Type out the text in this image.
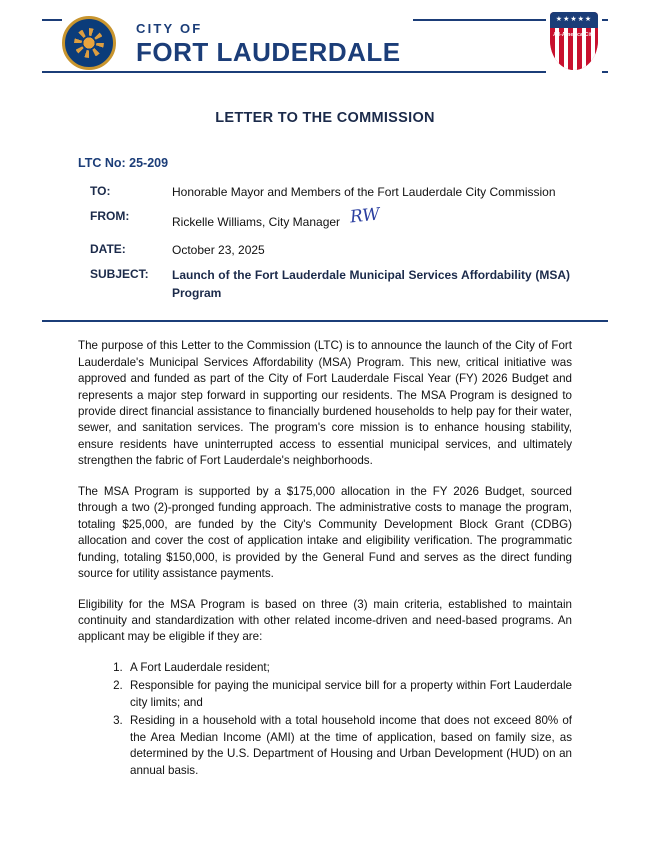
CITY OF
FORT LAUDERDALE
★★★★★
All-America City
LETTER TO THE COMMISSION
LTC No: 25-209
TO:	Honorable Mayor and Members of the Fort Lauderdale City Commission
FROM:	Rickelle Williams, City Manager RW
DATE:	October 23, 2025
SUBJECT:	Launch of the Fort Lauderdale Municipal Services Affordability (MSA) Program

The purpose of this Letter to the Commission (LTC) is to announce the launch of the City of Fort Lauderdale's Municipal Services Affordability (MSA) Program. This new, critical initiative was approved and funded as part of the City of Fort Lauderdale Fiscal Year (FY) 2026 Budget and represents a major step forward in supporting our residents. The MSA Program is designed to provide direct financial assistance to financially burdened households to help pay for their water, sewer, and sanitation services. The program's core mission is to enhance housing stability, ensure residents have uninterrupted access to essential municipal services, and ultimately strengthen the fabric of Fort Lauderdale's neighborhoods.

The MSA Program is supported by a $175,000 allocation in the FY 2026 Budget, sourced through a two (2)-pronged funding approach. The administrative costs to manage the program, totaling $25,000, are funded by the City's Community Development Block Grant (CDBG) allocation and cover the cost of application intake and eligibility verification. The programmatic funding, totaling $150,000, is provided by the General Fund and serves as the direct funding source for utility assistance payments.

Eligibility for the MSA Program is based on three (3) main criteria, established to maintain continuity and standardization with other related income-driven and need-based programs. An applicant may be eligible if they are:

1. A Fort Lauderdale resident;
2. Responsible for paying the municipal service bill for a property within Fort Lauderdale city limits; and
3. Residing in a household with a total household income that does not exceed 80% of the Area Median Income (AMI) at the time of application, based on family size, as determined by the U.S. Department of Housing and Urban Development (HUD) on an annual basis.
